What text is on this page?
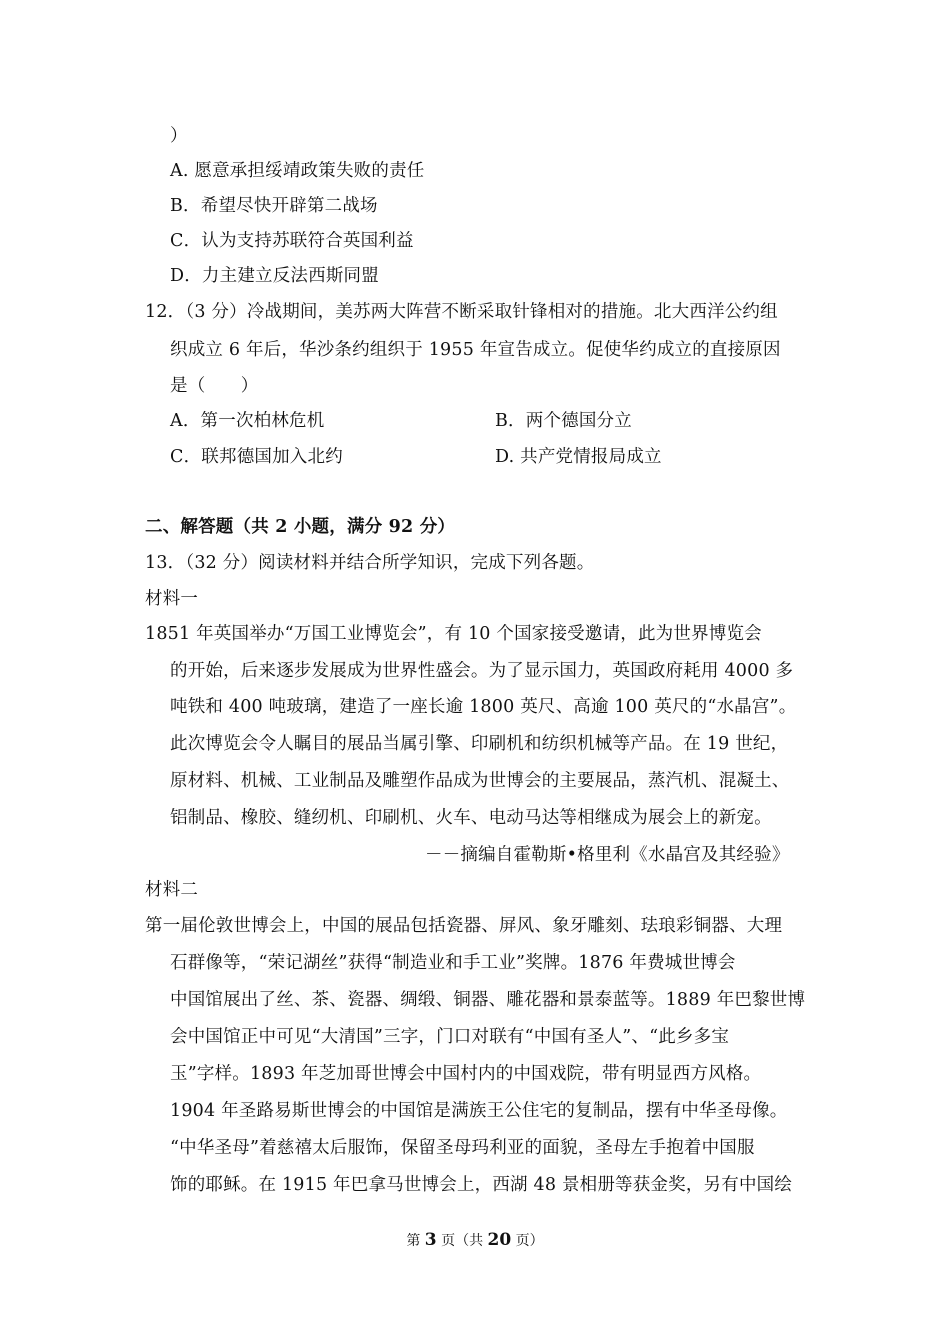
）
A. 愿意承担绥靖政策失败的责任
B．希望尽快开辟第二战场
C．认为支持苏联符合英国利益
D．力主建立反法西斯同盟
12．（3 分）冷战期间，美苏两大阵营不断采取针锋相对的措施。北大西洋公约组
织成立 6 年后，华沙条约组织于 1955 年宣告成立。促使华约成立的直接原因
是（　　）
A．第一次柏林危机	B．两个德国分立
C．联邦德国加入北约	D. 共产党情报局成立
二、解答题（共 2 小题，满分 92 分）
13．（32 分）阅读材料并结合所学知识，完成下列各题。
材料一
1851 年英国举办“万国工业博览会”，有 10 个国家接受邀请，此为世界博览会
的开始，后来逐步发展成为世界性盛会。为了显示国力，英国政府耗用 4000 多
吨铁和 400 吨玻璃，建造了一座长逾 1800 英尺、高逾 100 英尺的“水晶宫”。
此次博览会令人瞩目的展品当属引擎、印刷机和纺织机械等产品。在 19 世纪，
原材料、机械、工业制品及雕塑作品成为世博会的主要展品，蒸汽机、混凝土、
铝制品、橡胶、缝纫机、印刷机、火车、电动马达等相继成为展会上的新宠。
－－摘编自霍勒斯•格里利《水晶宫及其经验》
材料二
第一届伦敦世博会上，中国的展品包括瓷器、屏风、象牙雕刻、珐琅彩铜器、大理
石群像等，“荣记湖丝”获得“制造业和手工业”奖牌。1876 年费城世博会
中国馆展出了丝、茶、瓷器、绸缎、铜器、雕花器和景泰蓝等。1889 年巴黎世博
会中国馆正中可见“大清国”三字，门口对联有“中国有圣人”、“此乡多宝
玉”字样。1893 年芝加哥世博会中国村内的中国戏院，带有明显西方风格。
1904 年圣路易斯世博会的中国馆是满族王公住宅的复制品，摆有中华圣母像。
“中华圣母”着慈禧太后服饰，保留圣母玛利亚的面貌，圣母左手抱着中国服
饰的耶稣。在 1915 年巴拿马世博会上，西湖 48 景相册等获金奖，另有中国绘
第 3 页（共 20 页）
